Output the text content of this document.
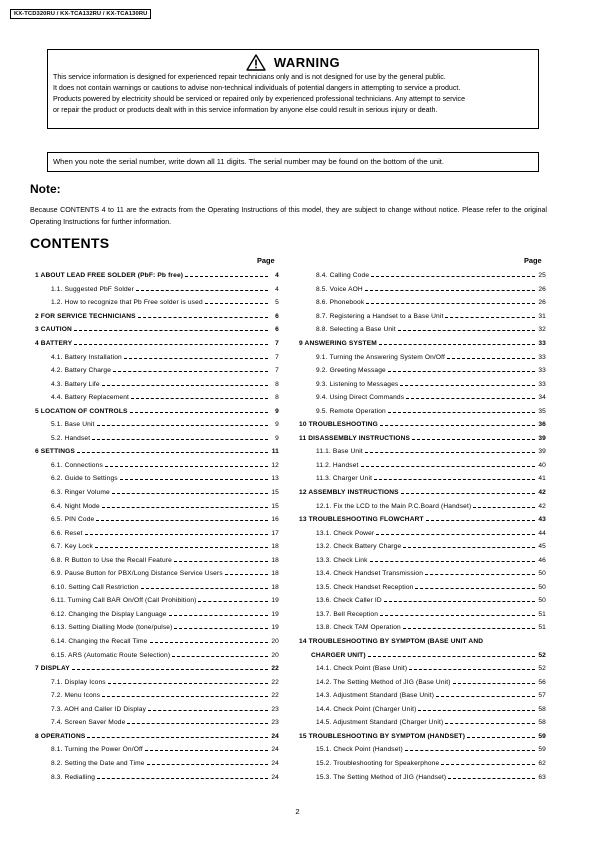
KX-TCD320RU / KX-TCA132RU / KX-TCA130RU
WARNING
This service information is designed for experienced repair technicians only and is not designed for use by the general public.
It does not contain warnings or cautions to advise non-technical individuals of potential dangers in attempting to service a product.
Products powered by electricity should be serviced or repaired only by experienced professional technicians. Any attempt to service
or repair the product or products dealt with in this service information by anyone else could result in serious injury or death.
When you note the serial number, write down all 11 digits. The serial number may be found on the bottom of the unit.
Note:
Because CONTENTS 4 to 11 are the extracts from the Operating Instructions of this model, they are subject to change without notice. Please refer to the original Operating Instructions for further information.
CONTENTS
Page	Page
1 ABOUT LEAD FREE SOLDER (PbF: Pb free)	4
1.1. Suggested PbF Solder	4
1.2. How to recognize that Pb Free solder is used	5
2 FOR SERVICE TECHNICIANS	6
3 CAUTION	6
4 BATTERY	7
4.1. Battery Installation	7
4.2. Battery Charge	7
4.3. Battery Life	8
4.4. Battery Replacement	8
5 LOCATION OF CONTROLS	9
5.1. Base Unit	9
5.2. Handset	9
6 SETTINGS	11
6.1. Connections	12
6.2. Guide to Settings	13
6.3. Ringer Volume	15
6.4. Night Mode	15
6.5. PIN Code	16
6.6. Reset	17
6.7. Key Lock	18
6.8. R Button to Use the Recall Feature	18
6.9. Pause Button for PBX/Long Distance Service Users	18
6.10. Setting Call Restriction	18
6.11. Turning Call BAR On/Off (Call Prohibition)	19
6.12. Changing the Display Language	19
6.13. Setting Dialling Mode (tone/pulse)	19
6.14. Changing the Recall Time	20
6.15. ARS (Automatic Route Selection)	20
7 DISPLAY	22
7.1. Display Icons	22
7.2. Menu Icons	22
7.3. AOH and Caller ID Display	23
7.4. Screen Saver Mode	23
8 OPERATIONS	24
8.1. Turning the Power On/Off	24
8.2. Setting the Date and Time	24
8.3. Redialling	24
8.4. Calling Code	25
8.5. Voice AOH	26
8.6. Phonebook	26
8.7. Registering a Handset to a Base Unit	31
8.8. Selecting a Base Unit	32
9 ANSWERING SYSTEM	33
9.1. Turning the Answering System On/Off	33
9.2. Greeting Message	33
9.3. Listening to Messages	33
9.4. Using Direct Commands	34
9.5. Remote Operation	35
10 TROUBLESHOOTING	36
11 DISASSEMBLY INSTRUCTIONS	39
11.1. Base Unit	39
11.2. Handset	40
11.3. Charger Unit	41
12 ASSEMBLY INSTRUCTIONS	42
12.1. Fix the LCD to the Main P.C.Board (Handset)	42
13 TROUBLESHOOTING FLOWCHART	43
13.1. Check Power	44
13.2. Check Battery Charge	45
13.3. Check Link	46
13.4. Check Handset Transmission	50
13.5. Check Handset Reception	50
13.6. Check Caller ID	50
13.7. Bell Reception	51
13.8. Check TAM Operation	51
14 TROUBLESHOOTING BY SYMPTOM (BASE UNIT AND
CHARGER UNIT)	52
14.1. Check Point (Base Unit)	52
14.2. The Setting Method of JIG (Base Unit)	56
14.3. Adjustment Standard (Base Unit)	57
14.4. Check Point (Charger Unit)	58
14.5. Adjustment Standard (Charger Unit)	58
15 TROUBLESHOOTING BY SYMPTOM (HANDSET)	59
15.1. Check Point (Handset)	59
15.2. Troubleshooting for Speakerphone	62
15.3. The Setting Method of JIG (Handset)	63
2
